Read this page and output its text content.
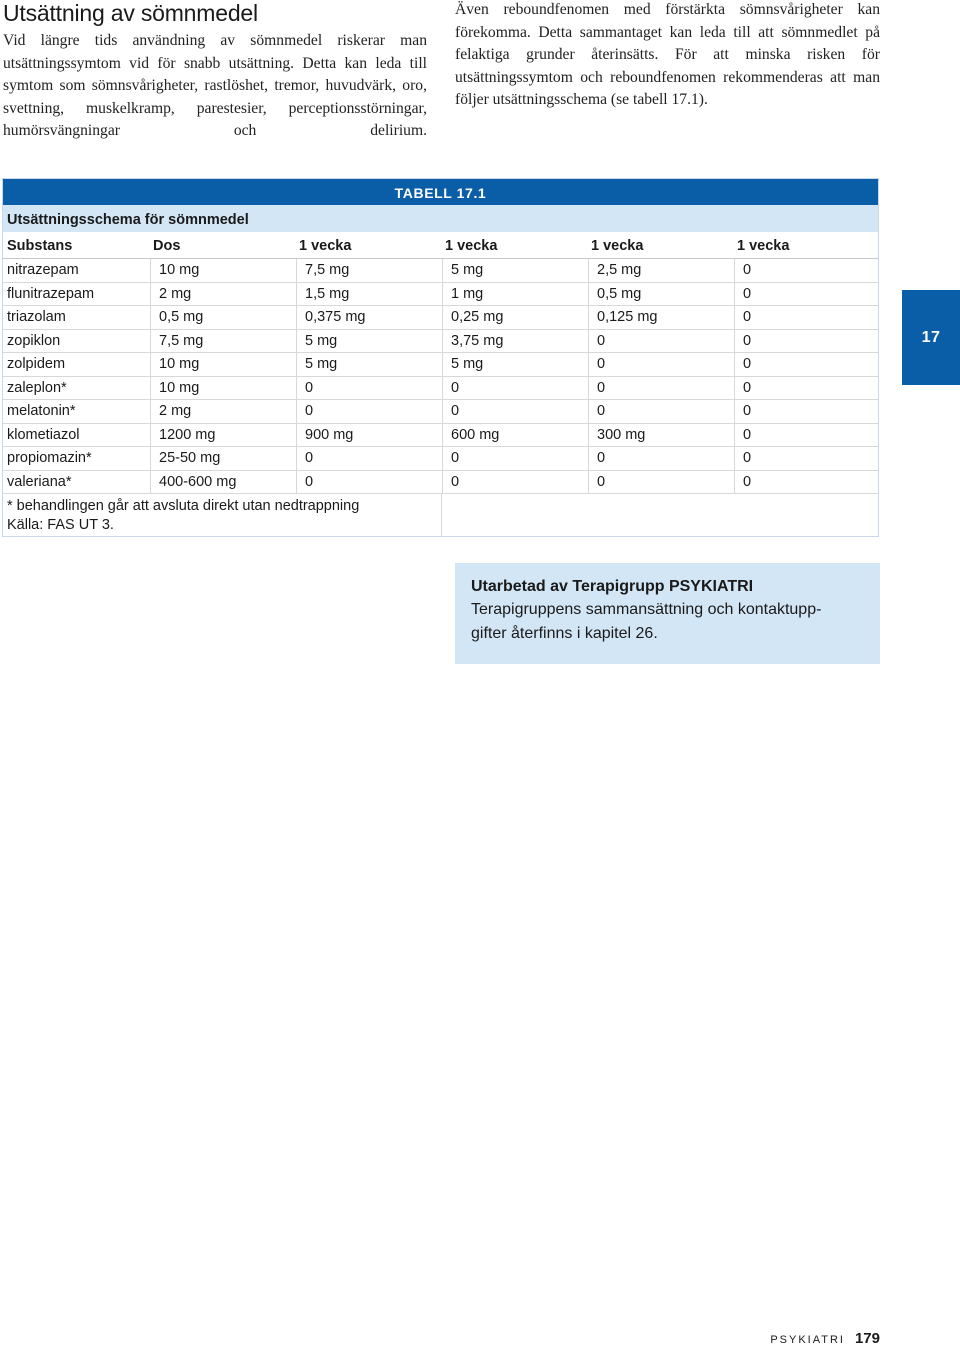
Utsättning av sömnmedel

Vid längre tids användning av sömnmedel riskerar man utsättningssymtom vid för snabb utsättning. Detta kan leda till symtom som sömnsvårigheter, rastlöshet, tremor, huvudvärk, oro, svettning, muskelkramp, parestesier, perceptionsstörningar, humörsvängningar och delirium.

Även reboundfenomen med förstärkta sömnsvårigheter kan förekomma. Detta sammantaget kan leda till att sömnmedlet på felaktiga grunder återinsätts. För att minska risken för utsättningssymtom och reboundfenomen rekommenderas att man följer utsättningsschema (se tabell 17.1).

TABELL 17.1
Utsättningsschema för sömnmedel
Substans	Dos	1 vecka	1 vecka	1 vecka	1 vecka
nitrazepam	10 mg	7,5 mg	5 mg	2,5 mg	0
flunitrazepam	2 mg	1,5 mg	1 mg	0,5 mg	0
triazolam	0,5 mg	0,375 mg	0,25 mg	0,125 mg	0
zopiklon	7,5 mg	5 mg	3,75 mg	0	0
zolpidem	10 mg	5 mg	5 mg	0	0
zaleplon*	10 mg	0	0	0	0
melatonin*	2 mg	0	0	0	0
klometiazol	1200 mg	900 mg	600 mg	300 mg	0
propiomazin*	25-50 mg	0	0	0	0
valeriana*	400-600 mg	0	0	0	0
* behandlingen går att avsluta direkt utan nedtrappning
Källa: FAS UT 3.
17
Utarbetad av Terapigrupp PSYKIATRI
Terapigruppens sammansättning och kontaktupp-
gifter återfinns i kapitel 26.
PSYKIATRI 179
